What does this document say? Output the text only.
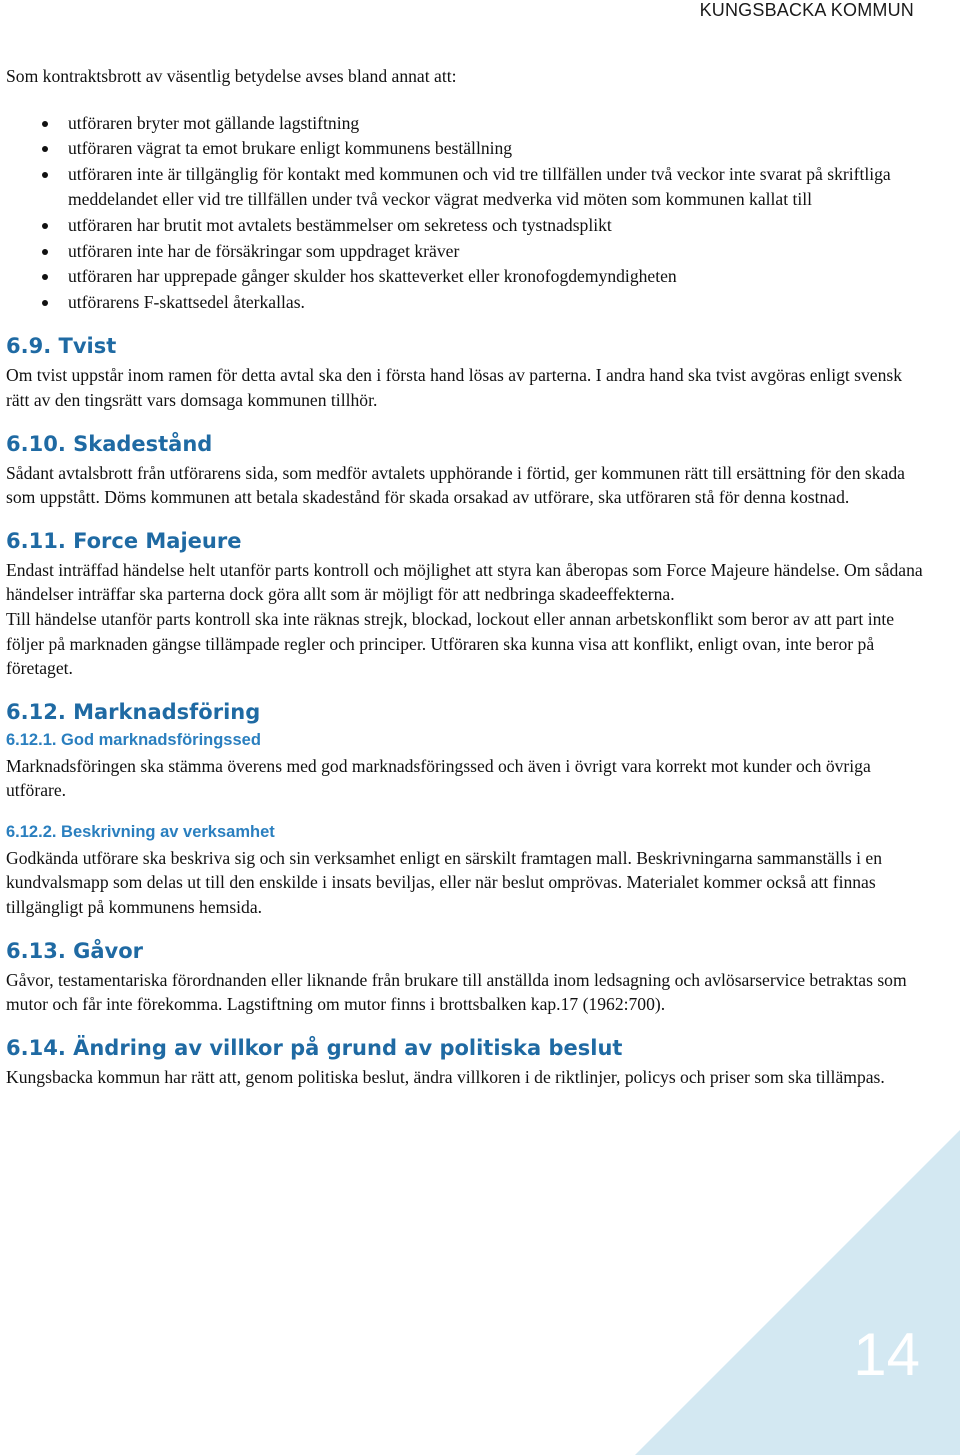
KUNGSBACKA KOMMUN

Som kontraktsbrott av väsentlig betydelse avses bland annat att:

utföraren bryter mot gällande lagstiftning
utföraren vägrat ta emot brukare enligt kommunens beställning
utföraren inte är tillgänglig för kontakt med kommunen och vid tre tillfällen under två veckor inte svarat på skriftliga meddelandet eller vid tre tillfällen under två veckor vägrat medverka vid möten som kommunen kallat till
utföraren har brutit mot avtalets bestämmelser om sekretess och tystnadsplikt
utföraren inte har de försäkringar som uppdraget kräver
utföraren har upprepade gånger skulder hos skatteverket eller kronofogdemyndigheten
utförarens F-skattsedel återkallas.
6.9. Tvist

Om tvist uppstår inom ramen för detta avtal ska den i första hand lösas av parterna. I andra hand ska tvist avgöras enligt svensk rätt av den tingsrätt vars domsaga kommunen tillhör.

6.10. Skadestånd

Sådant avtalsbrott från utförarens sida, som medför avtalets upphörande i förtid, ger kommunen rätt till ersättning för den skada som uppstått. Döms kommunen att betala skadestånd för skada orsakad av utförare, ska utföraren stå för denna kostnad.

6.11. Force Majeure

Endast inträffad händelse helt utanför parts kontroll och möjlighet att styra kan åberopas som Force Majeure händelse. Om sådana händelser inträffar ska parterna dock göra allt som är möjligt för att nedbringa skadeeffekterna.

Till händelse utanför parts kontroll ska inte räknas strejk, blockad, lockout eller annan arbetskonflikt som beror av att part inte följer på marknaden gängse tillämpade regler och principer. Utföraren ska kunna visa att konflikt, enligt ovan, inte beror på företaget.

6.12. Marknadsföring
6.12.1. God marknadsföringssed

Marknadsföringen ska stämma överens med god marknadsföringssed och även i övrigt vara korrekt mot kunder och övriga utförare.

6.12.2. Beskrivning av verksamhet

Godkända utförare ska beskriva sig och sin verksamhet enligt en särskilt framtagen mall. Beskrivningarna sammanställs i en kundvalsmapp som delas ut till den enskilde i insats beviljas, eller när beslut omprövas. Materialet kommer också att finnas tillgängligt på kommunens hemsida.

6.13. Gåvor

Gåvor, testamentariska förordnanden eller liknande från brukare till anställda inom ledsagning och avlösarservice betraktas som mutor och får inte förekomma. Lagstiftning om mutor finns i brottsbalken kap.17 (1962:700).

6.14. Ändring av villkor på grund av politiska beslut

Kungsbacka kommun har rätt att, genom politiska beslut, ändra villkoren i de riktlinjer, policys och priser som ska tillämpas.

14
